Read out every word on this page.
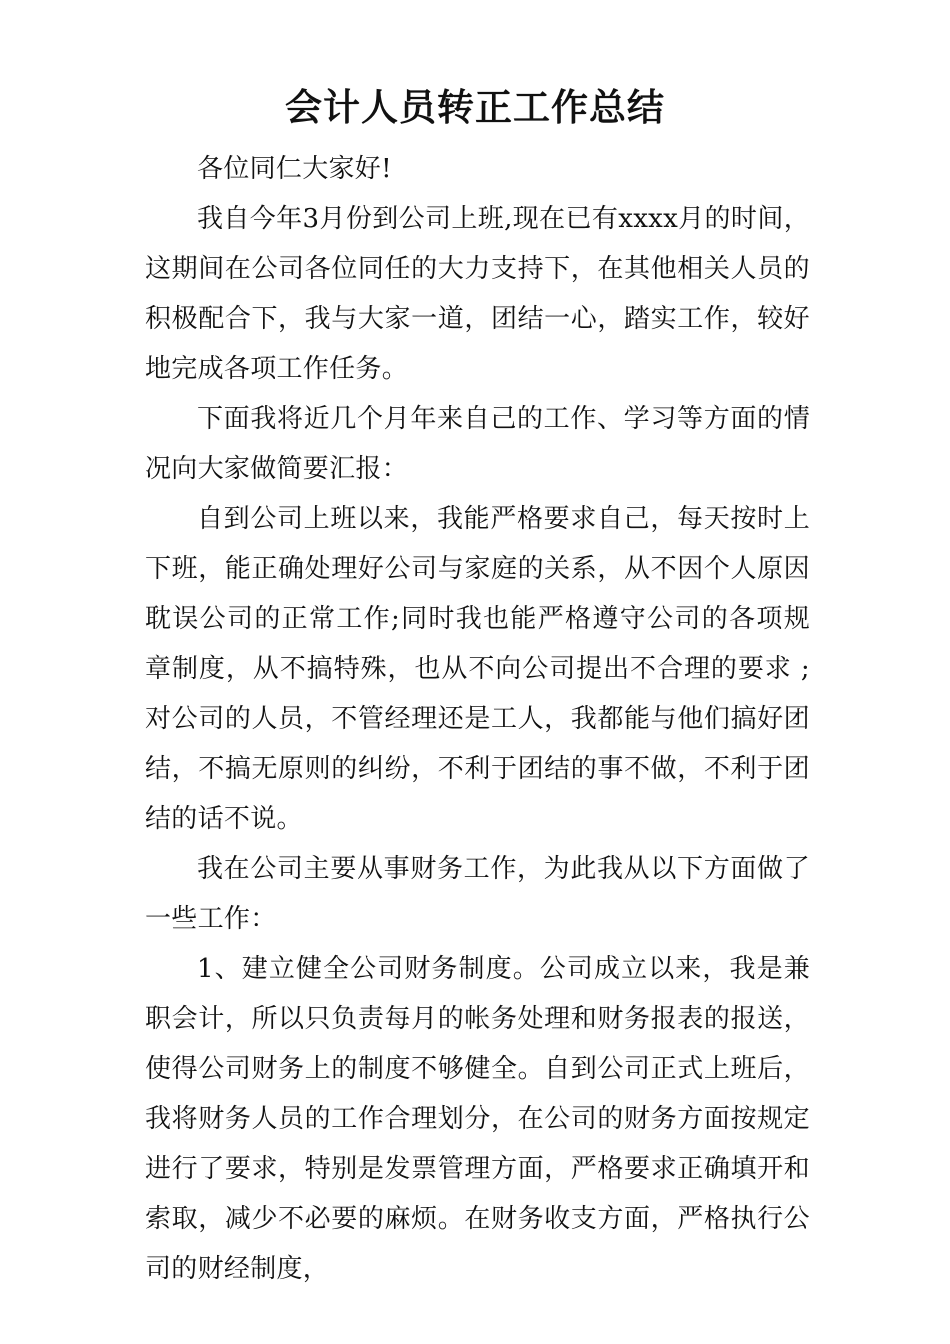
会计人员转正工作总结

各位同仁大家好!

我自今年3月份到公司上班,现在已有xxxx月的时间，这期间在公司各位同任的大力支持下，在其他相关人员的积极配合下，我与大家一道，团结一心，踏实工作，较好地完成各项工作任务。

下面我将近几个月年来自己的工作、学习等方面的情况向大家做简要汇报：

自到公司上班以来，我能严格要求自己，每天按时上下班，能正确处理好公司与家庭的关系，从不因个人原因耽误公司的正常工作;同时我也能严格遵守公司的各项规章制度，从不搞特殊，也从不向公司提出不合理的要求 ;对公司的人员，不管经理还是工人，我都能与他们搞好团结，不搞无原则的纠纷，不利于团结的事不做，不利于团结的话不说。

我在公司主要从事财务工作，为此我从以下方面做了一些工作：

1、建立健全公司财务制度。公司成立以来，我是兼职会计，所以只负责每月的帐务处理和财务报表的报送，使得公司财务上的制度不够健全。自到公司正式上班后，我将财务人员的工作合理划分，在公司的财务方面按规定进行了要求，特别是发票管理方面，严格要求正确填开和索取，减少不必要的麻烦。在财务收支方面，严格执行公司的财经制度，
